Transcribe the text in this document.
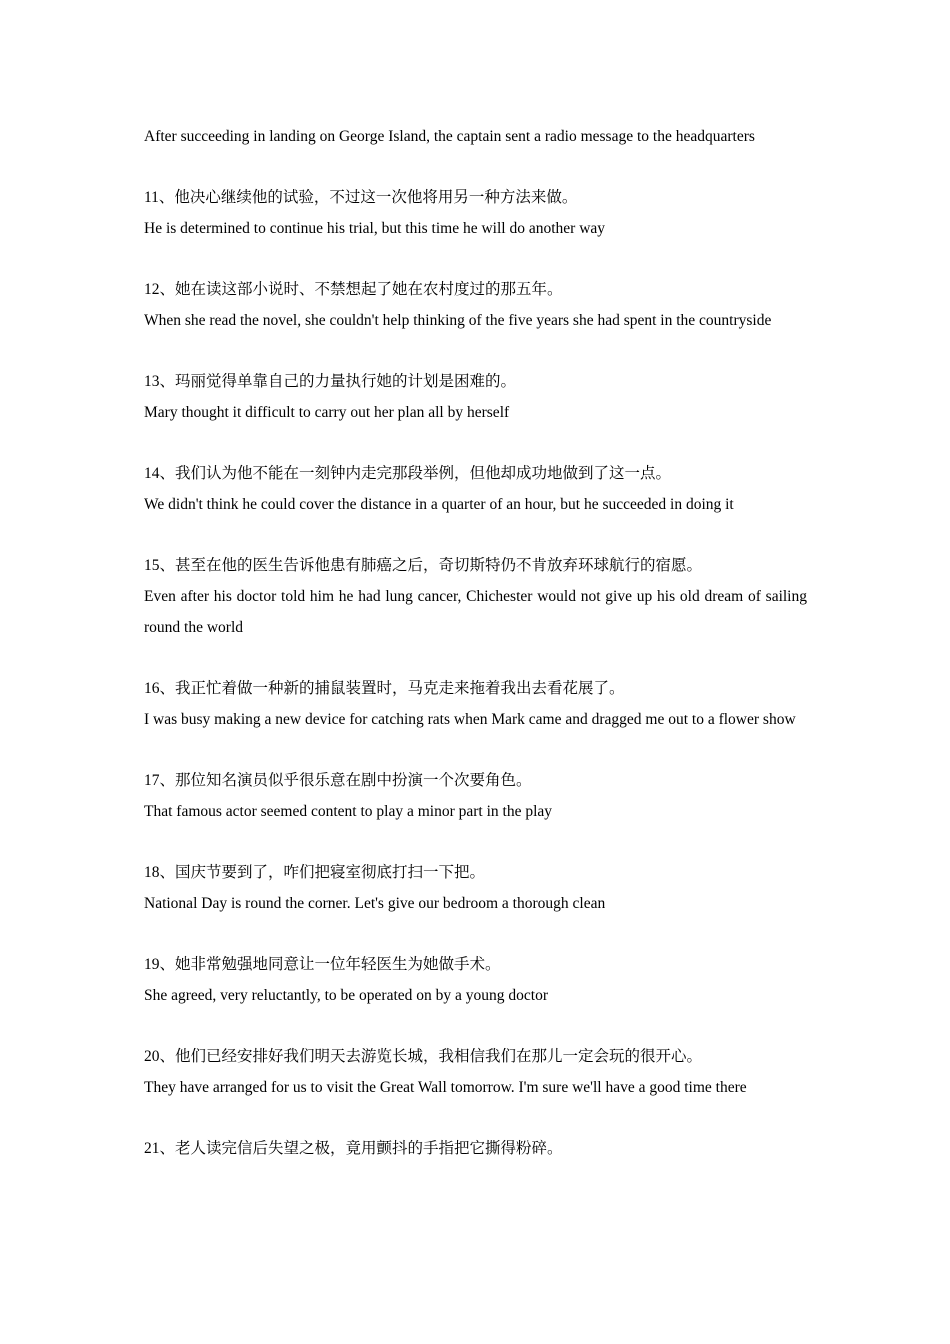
After succeeding in landing on George Island, the captain sent a radio message to the headquarters

11、他决心继续他的试验，不过这一次他将用另一种方法来做。

He is determined to continue his trial, but this time he will do another way

12、她在读这部小说时、不禁想起了她在农村度过的那五年。

When she read the novel, she couldn't help thinking of the five years she had spent in the countryside

13、玛丽觉得单靠自己的力量执行她的计划是困难的。

Mary thought it difficult to carry out her plan all by herself

14、我们认为他不能在一刻钟内走完那段举例，但他却成功地做到了这一点。

We didn't think he could cover the distance in a quarter of an hour, but he succeeded in doing it

15、甚至在他的医生告诉他患有肺癌之后，奇切斯特仍不肯放弃环球航行的宿愿。

Even after his doctor told him he had lung cancer, Chichester would not give up his old dream of sailing round the world

16、我正忙着做一种新的捕鼠装置时，马克走来拖着我出去看花展了。

I was busy making a new device for catching rats when Mark came and dragged me out to a flower show

17、那位知名演员似乎很乐意在剧中扮演一个次要角色。

That famous actor seemed content to play a minor part in the play

18、国庆节要到了，咋们把寝室彻底打扫一下把。

National Day is round the corner. Let's give our bedroom a thorough clean

19、她非常勉强地同意让一位年轻医生为她做手术。

She agreed, very reluctantly, to be operated on by a young doctor

20、他们已经安排好我们明天去游览长城，我相信我们在那儿一定会玩的很开心。

They have arranged for us to visit the Great Wall tomorrow. I'm sure we'll have a good time there

21、老人读完信后失望之极，竟用颤抖的手指把它撕得粉碎。
